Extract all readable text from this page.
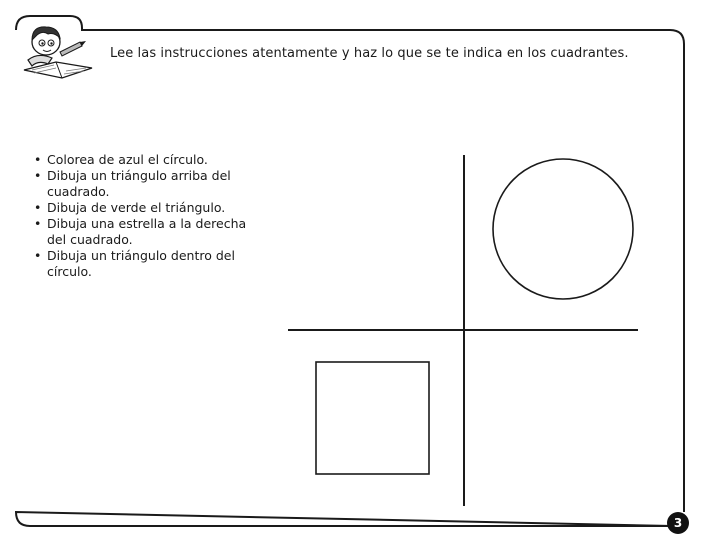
Lee las instrucciones atentamente y haz lo que se te indica en los cuadrantes.
• Colorea de azul el círculo.
• Dibuja un triángulo arriba del cuadrado.
• Dibuja de verde el triángulo.
• Dibuja una estrella a la derecha del cuadrado.
• Dibuja un triángulo dentro del círculo.
3
